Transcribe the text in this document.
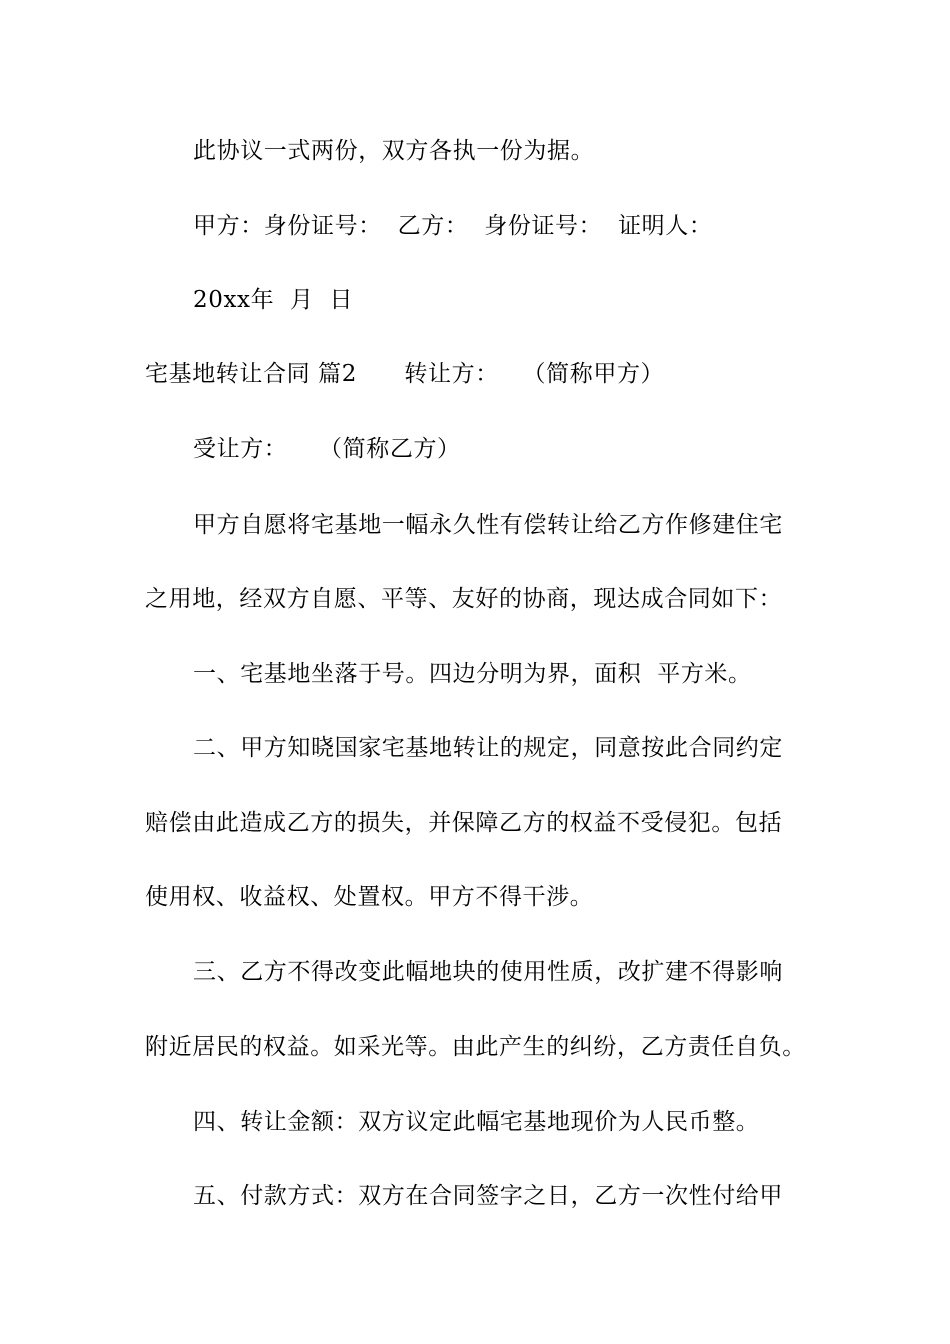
此协议一式两份，双方各执一份为据。
甲方：身份证号：  乙方：  身份证号：  证明人：
20xx年  月  日
宅基地转让合同 篇2      转让方：   （简称甲方）
受让方：    （简称乙方）
甲方自愿将宅基地一幅永久性有偿转让给乙方作修建住宅
之用地，经双方自愿、平等、友好的协商，现达成合同如下：
一、宅基地坐落于号。四边分明为界，面积  平方米。
二、甲方知晓国家宅基地转让的规定，同意按此合同约定
赔偿由此造成乙方的损失，并保障乙方的权益不受侵犯。包括
使用权、收益权、处置权。甲方不得干涉。
三、乙方不得改变此幅地块的使用性质，改扩建不得影响
附近居民的权益。如采光等。由此产生的纠纷，乙方责任自负。
四、转让金额：双方议定此幅宅基地现价为人民币整。
五、付款方式：双方在合同签字之日，乙方一次性付给甲
